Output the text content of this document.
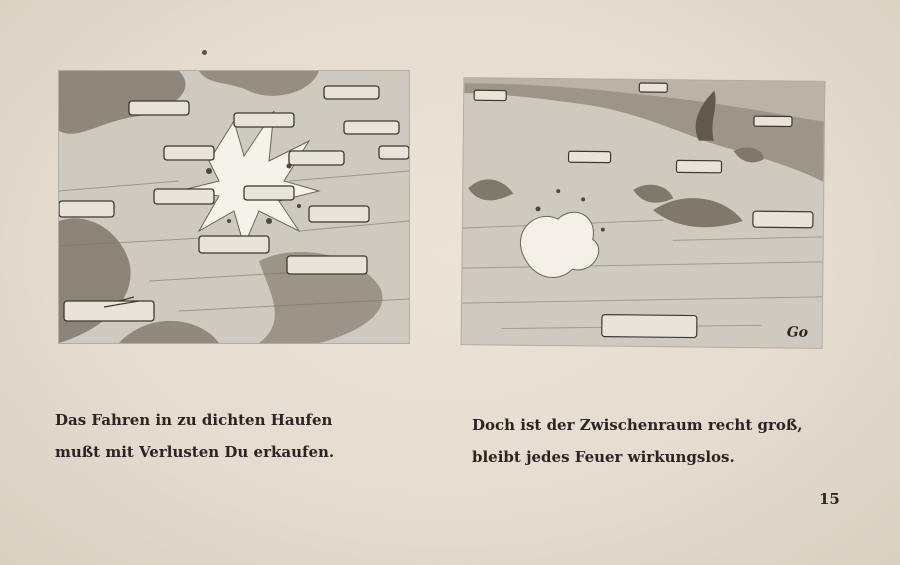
Go
Das Fahren in zu dichten Haufen
mußt mit Verlusten Du erkaufen.
Doch ist der Zwischenraum recht groß,
bleibt jedes Feuer wirkungslos.
15
